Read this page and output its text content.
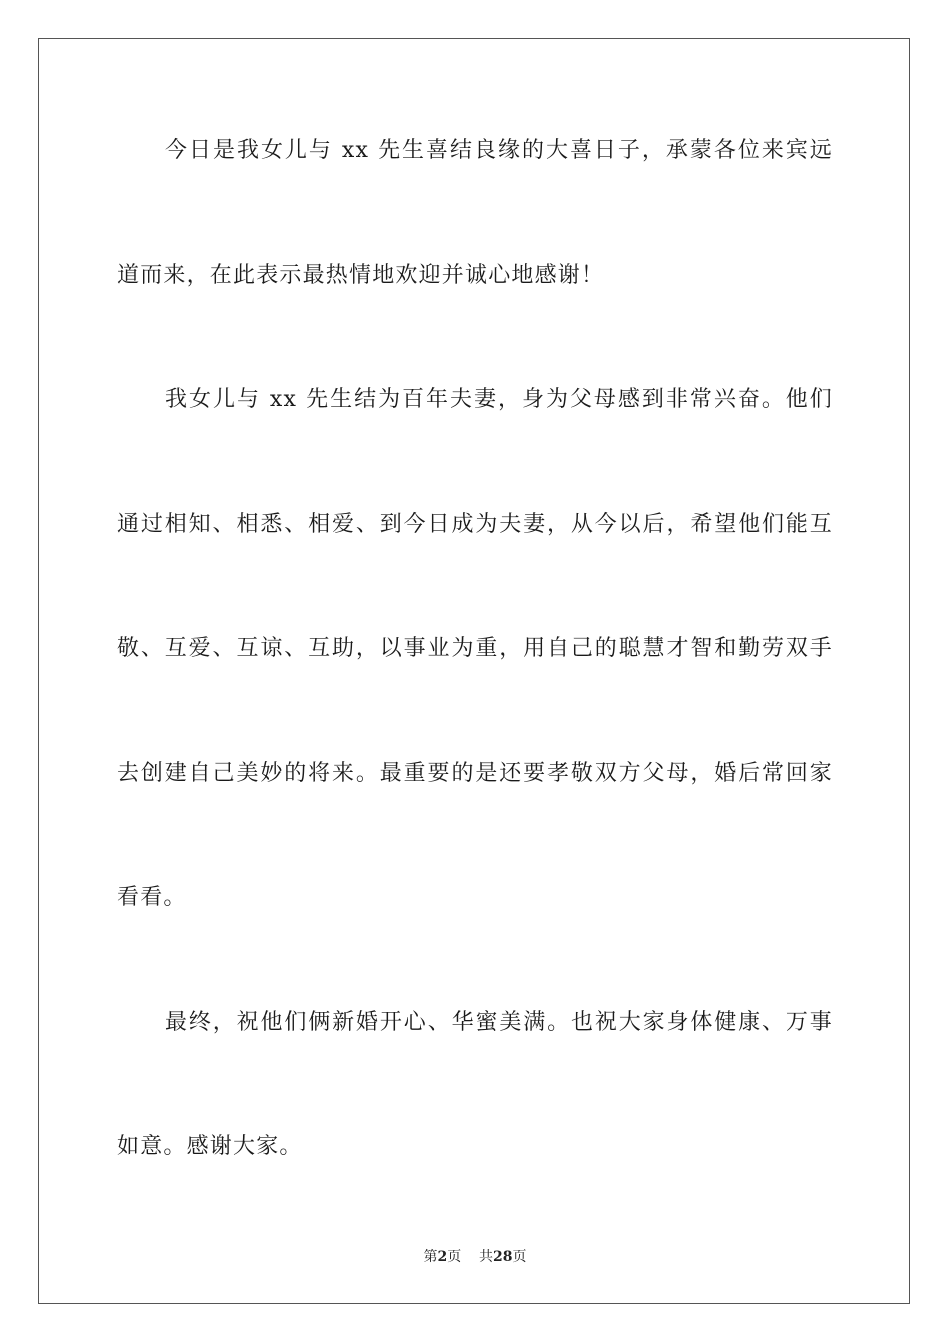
今日是我女儿与 xx 先生喜结良缘的大喜日子，承蒙各位来宾远
道而来，在此表示最热情地欢迎并诚心地感谢！
我女儿与 xx 先生结为百年夫妻，身为父母感到非常兴奋。他们
通过相知、相悉、相爱、到今日成为夫妻，从今以后，希望他们能互
敬、互爱、互谅、互助，以事业为重，用自己的聪慧才智和勤劳双手
去创建自己美妙的将来。最重要的是还要孝敬双方父母，婚后常回家
看看。
最终，祝他们俩新婚开心、华蜜美满。也祝大家身体健康、万事
如意。感谢大家。
第2页 共28页
